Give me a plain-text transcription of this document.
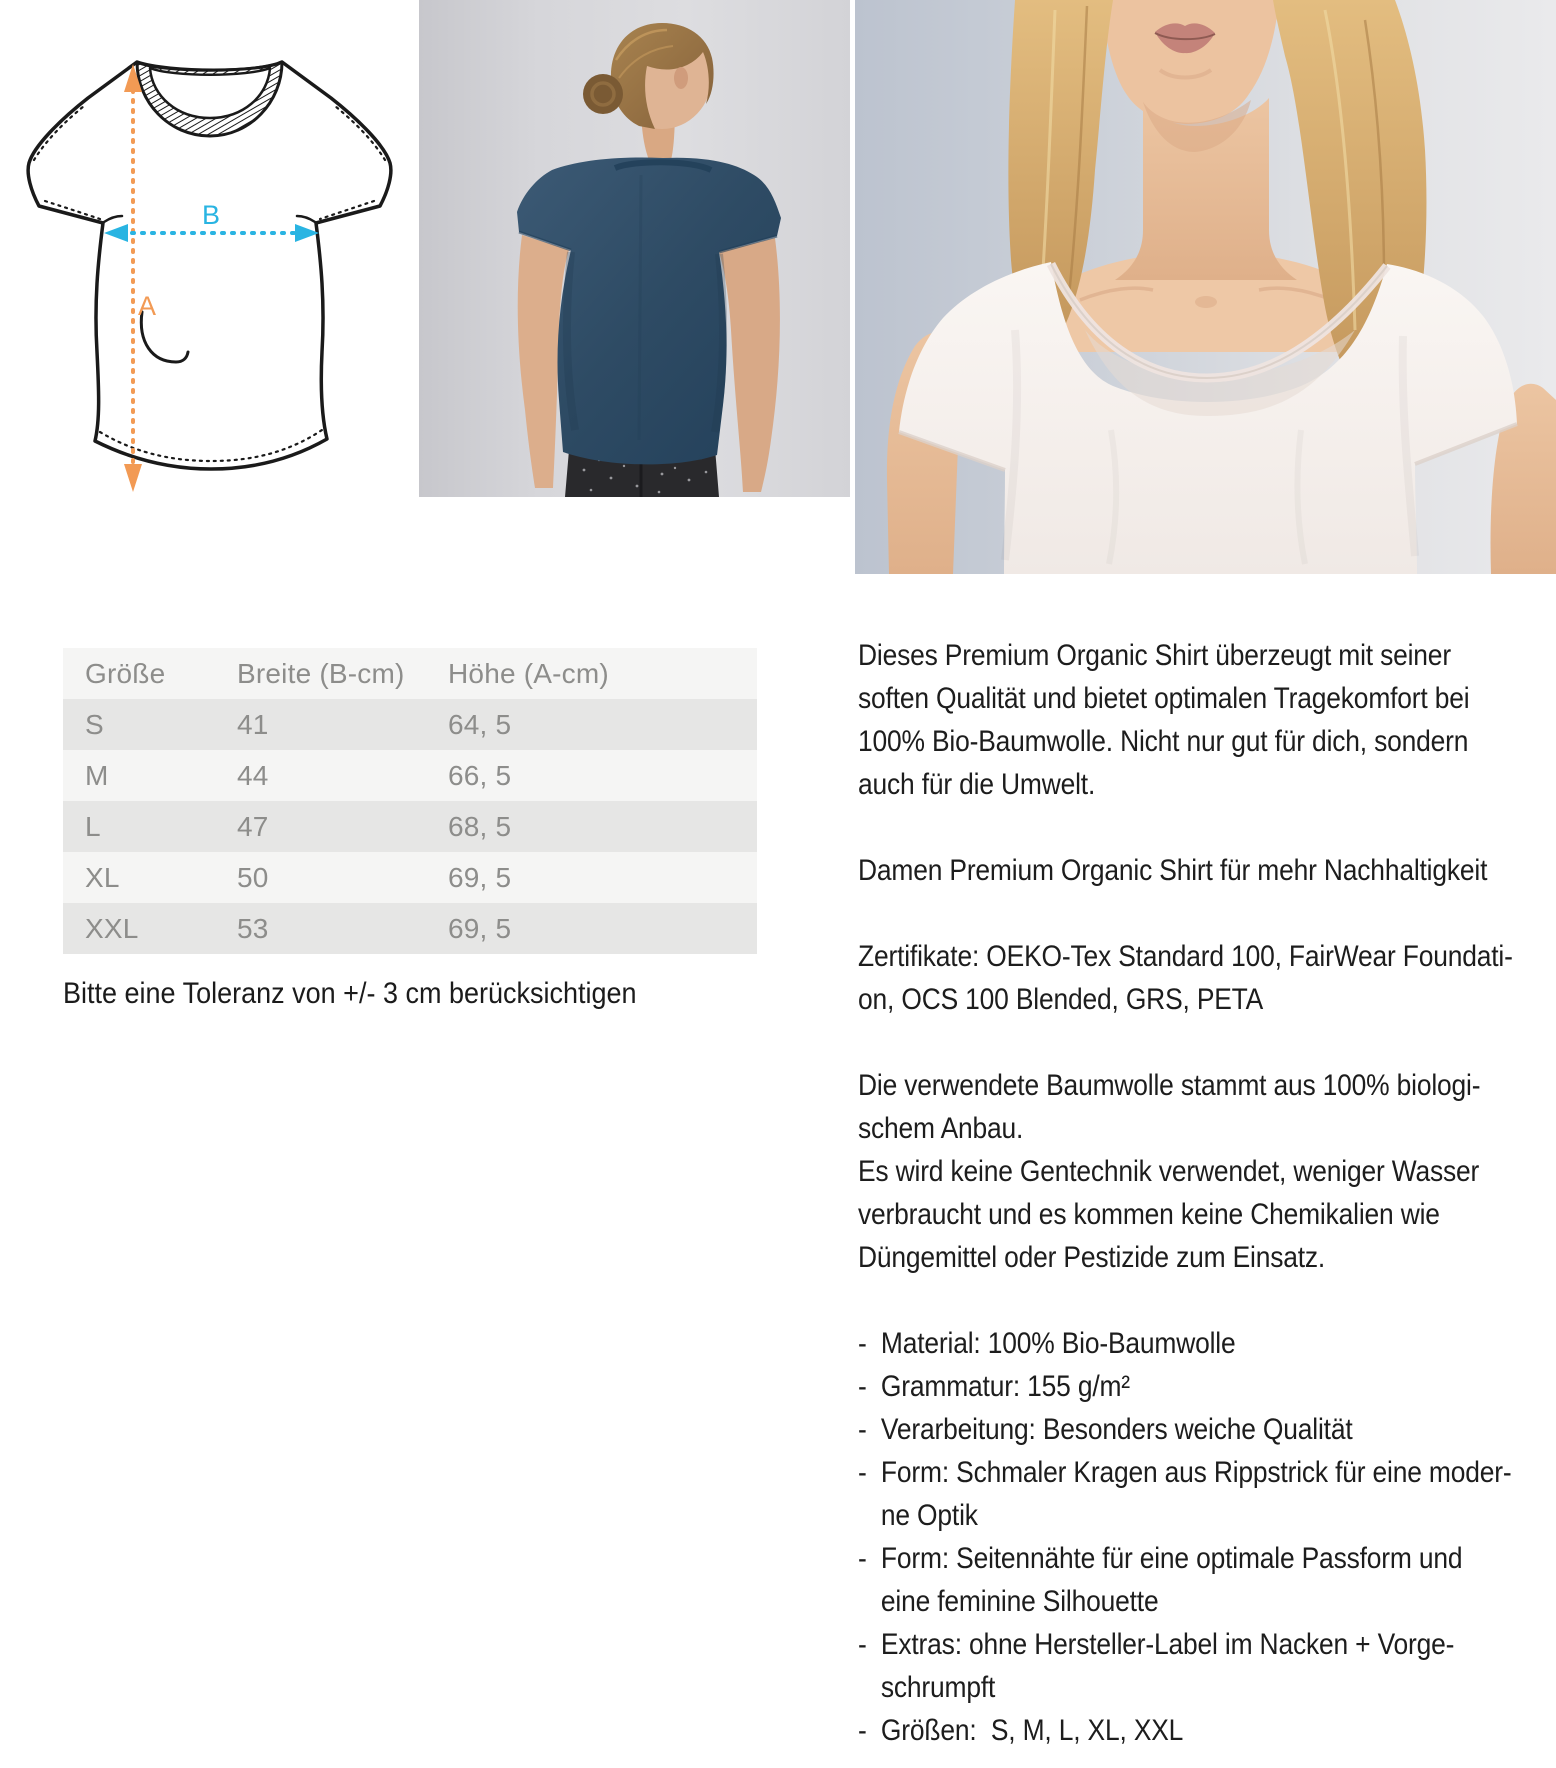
A
B
Größe	Breite (B-cm)	Höhe (A-cm)
S	41	64, 5
M	44	66, 5
L	47	68, 5
XL	50	69, 5
XXL	53	69, 5
Bitte eine Toleranz von +/- 3 cm berücksichtigen
Dieses Premium Organic Shirt überzeugt mit seiner
soften Qualität und bietet optimalen Tragekomfort bei
100% Bio-Baumwolle. Nicht nur gut für dich, sondern
auch für die Umwelt.
Damen Premium Organic Shirt für mehr Nachhaltigkeit
Zertifikate: OEKO-Tex Standard 100, FairWear Foundati-
on, OCS 100 Blended, GRS, PETA
Die verwendete Baumwolle stammt aus 100% biologi-
schem Anbau.
Es wird keine Gentechnik verwendet, weniger Wasser
verbraucht und es kommen keine Chemikalien wie
Düngemittel oder Pestizide zum Einsatz.
-  Material: 100% Bio-Baumwolle
-  Grammatur: 155 g/m²
-  Verarbeitung: Besonders weiche Qualität
-  Form: Schmaler Kragen aus Rippstrick für eine moder-
ne Optik
-  Form: Seitennähte für eine optimale Passform und
eine feminine Silhouette
-  Extras: ohne Hersteller-Label im Nacken + Vorge-
schrumpft
-  Größen:  S, M, L, XL, XXL
